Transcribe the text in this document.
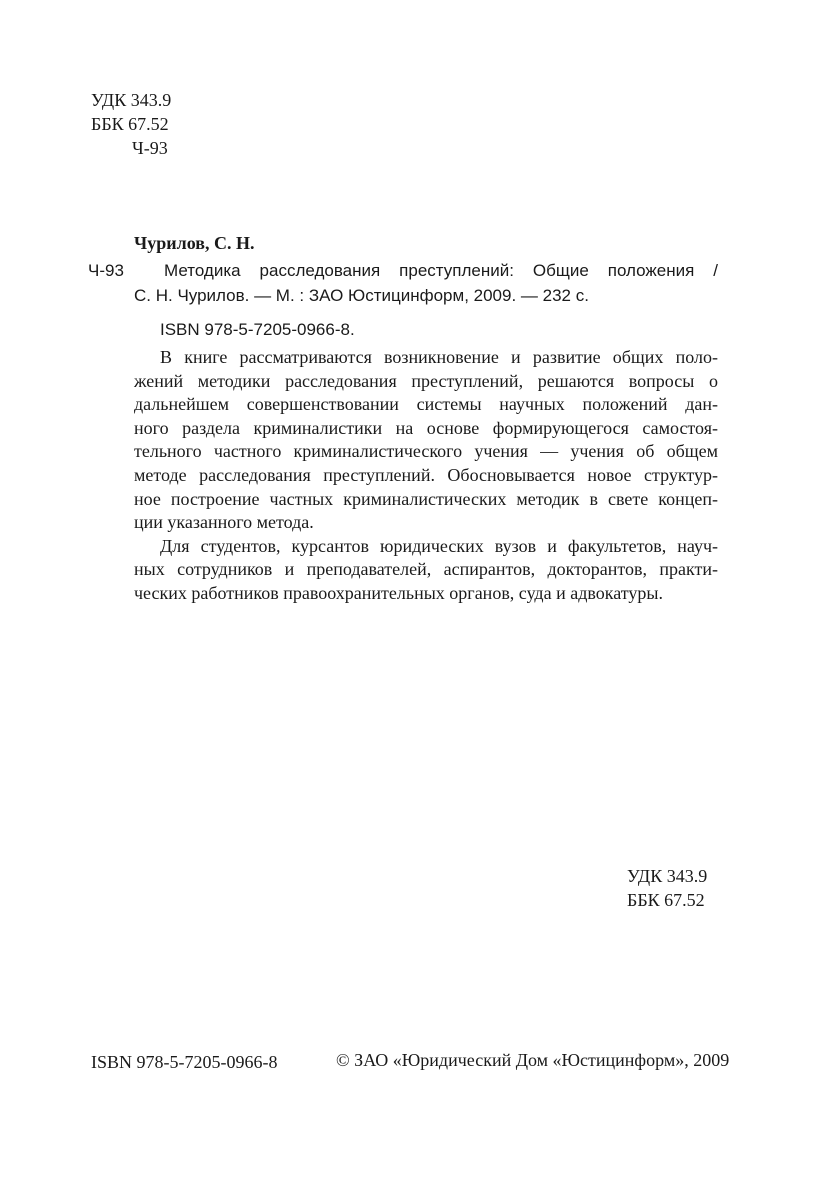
УДК 343.9
ББК 67.52
Ч-93
Чурилов, С. Н.
Ч-93	Методика расследования преступлений: Общие положения /
С. Н. Чурилов. — М. : ЗАО Юстицинформ, 2009. — 232 с.
ISBN 978-5-7205-0966-8.

В книге рассматриваются возникновение и развитие общих поло-
жений методики расследования преступлений, решаются вопросы о
дальнейшем совершенствовании системы научных положений дан-
ного раздела криминалистики на основе формирующегося самостоя-
тельного частного криминалистического учения — учения об общем
методе расследования преступлений. Обосновывается новое структур-
ное построение частных криминалистических методик в свете концеп-
ции указанного метода.

Для студентов, курсантов юридических вузов и факультетов, науч-
ных сотрудников и преподавателей, аспирантов, докторантов, практи-
ческих работников правоохранительных органов, суда и адвокатуры.

УДК 343.9
ББК 67.52
ISBN 978-5-7205-0966-8	© ЗАО «Юридический Дом «Юстицинформ», 2009
